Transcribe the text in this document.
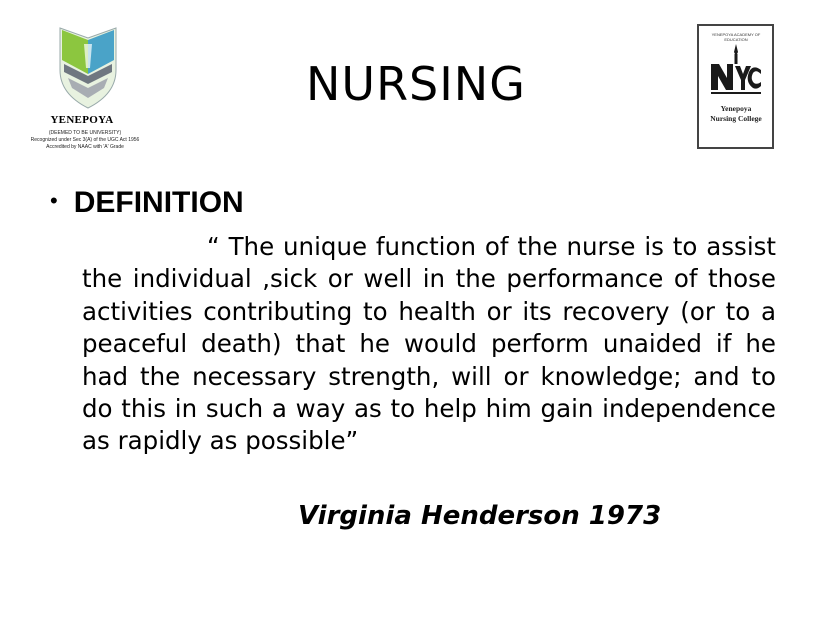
YENEPOYA
(DEEMED TO BE UNIVERSITY)
Recognized under Sec 3(A) of the UGC Act 1956
Accredited by NAAC with 'A' Grade
NURSING
YENEPOYA ACADEMY OF EDUCATION
Yenepoya
Nursing College
• DEFINITION

“ The unique function of the nurse is to assist the individual ,sick or well in the performance of those activities contributing to health or its recovery (or to a peaceful death) that he would perform unaided if he had the necessary strength, will or knowledge; and to do this in such a way as to help him gain independence as rapidly as possible”

Virginia Henderson 1973
